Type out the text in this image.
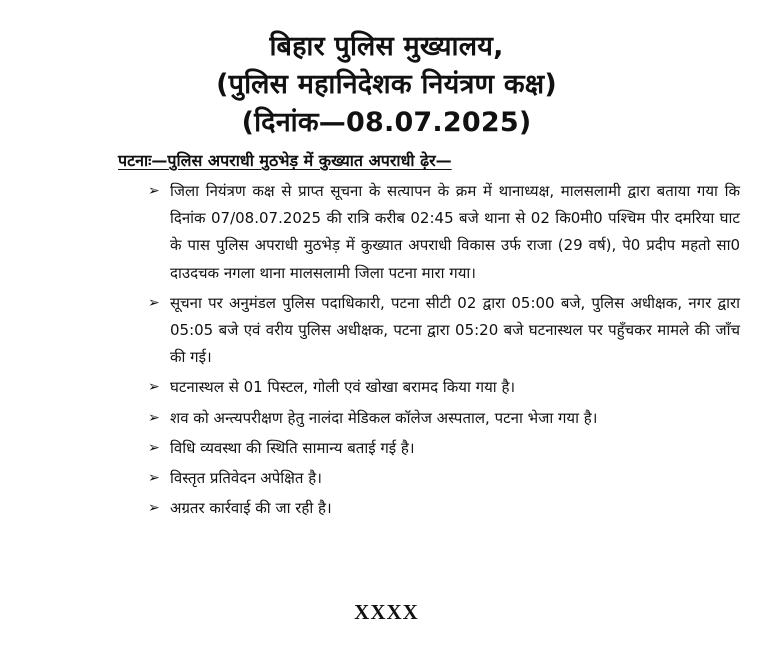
बिहार पुलिस मुख्यालय,
(पुलिस महानिदेशक नियंत्रण कक्ष)
(दिनांक—08.07.2025)
पटनाः—पुलिस अपराधी मुठभेड़ में कुख्यात अपराधी ढ़ेर—
➢ जिला नियंत्रण कक्ष से प्राप्त सूचना के सत्यापन के क्रम में थानाध्यक्ष, मालसलामी द्वारा बताया गया कि दिनांक 07/08.07.2025 की रात्रि करीब 02:45 बजे थाना से 02 कि0मी0 पश्चिम पीर दमरिया घाट के पास पुलिस अपराधी मुठभेड़ में कुख्यात अपराधी विकास उर्फ राजा (29 वर्ष), पे0 प्रदीप महतो सा0 दाउदचक नगला थाना मालसलामी जिला पटना मारा गया।
➢ सूचना पर अनुमंडल पुलिस पदाधिकारी, पटना सीटी 02 द्वारा 05:00 बजे, पुलिस अधीक्षक, नगर द्वारा 05:05 बजे एवं वरीय पुलिस अधीक्षक, पटना द्वारा 05:20 बजे घटनास्थल पर पहुँचकर मामले की जाँच की गई।
➢ घटनास्थल से 01 पिस्टल, गोली एवं खोखा बरामद किया गया है।
➢ शव को अन्त्यपरीक्षण हेतु नालंदा मेडिकल कॉलेज अस्पताल, पटना भेजा गया है।
➢ विधि व्यवस्था की स्थिति सामान्य बताई गई है।
➢ विस्तृत प्रतिवेदन अपेक्षित है।
➢ अग्रतर कार्रवाई की जा रही है।
XXXX
